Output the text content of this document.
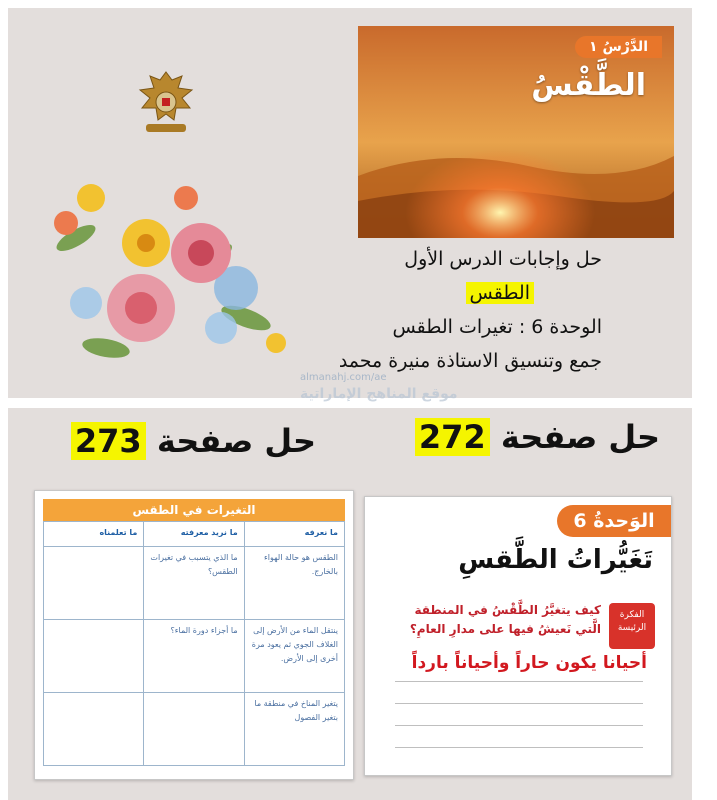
الدَّرْسُ ١
الطَّقْسُ
حل وإجابات الدرس الأول
الطقس
الوحدة 6 : تغيرات الطقس
جمع وتنسيق الاستاذة منيرة محمد
almanahj.com/ae
موقع المناهج الإماراتية
حل صفحة 272
حل صفحة 273
الوَحدةُ 6
تَغَيُّراتُ الطَّقسِ
الفكرة
الرئيسة
كيف يتغيَّرُ الطَّقْسُ في المنطقة الَّتي نَعيشُ فيها على مدارِ العامِ؟
أحيانا يكون حاراً وأحياناً بارداً
التغيرات في الطقس
ما تعلمناه	ما نريد معرفته	ما نعرفه
	ما الذي يتسبب في تغيرات الطقس؟	الطقس هو حالة الهواء بالخارج.
	ما أجزاء دورة الماء؟	ينتقل الماء من الأرض إلى الغلاف الجوي ثم يعود مرة أخرى إلى الأرض.
		يتغير المناخ في منطقة ما بتغير الفصول
